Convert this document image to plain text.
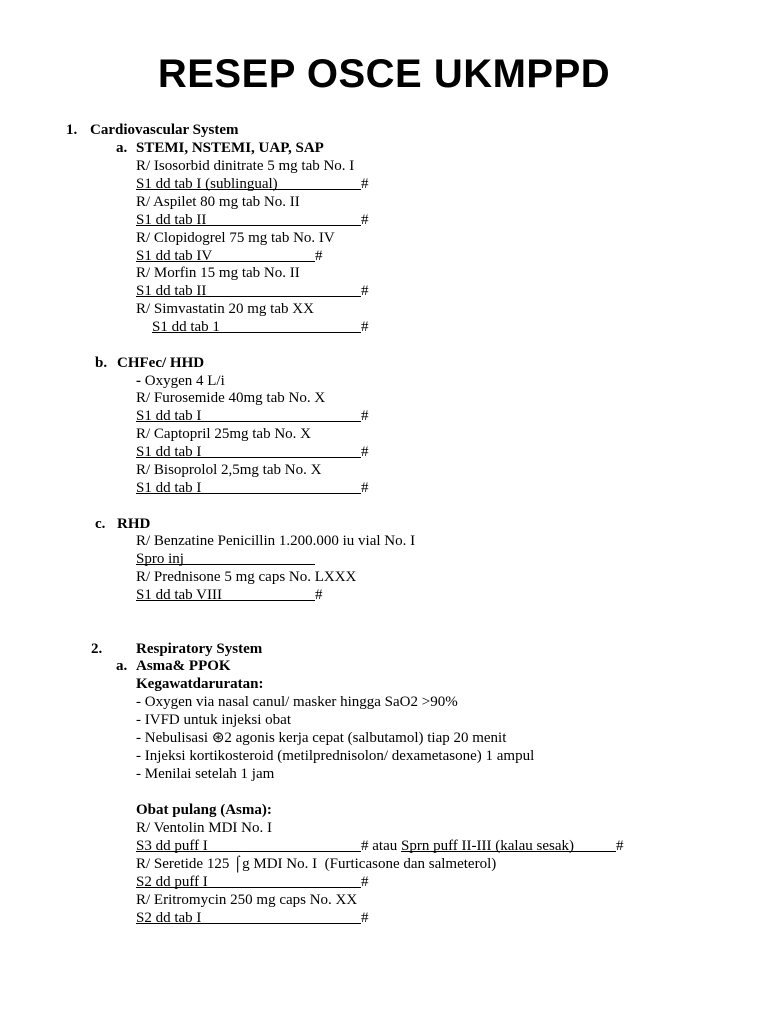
RESEP OSCE UKMPPD
1. Cardiovascular System
a. STEMI, NSTEMI, UAP, SAP
R/ Isosorbid dinitrate 5 mg tab No. I
S1 dd tab I (sublingual)	#
R/ Aspilet 80 mg tab No. II
S1 dd tab II	#
R/ Clopidogrel 75 mg tab No. IV
S1 dd tab IV	#
R/ Morfin 15 mg tab No. II
S1 dd tab II	#
R/ Simvastatin 20 mg tab XX
S1 dd tab 1	#
b. CHFec/ HHD
- Oxygen 4 L/i
R/ Furosemide 40mg tab No. X
S1 dd tab I	#
R/ Captopril 25mg tab No. X
S1 dd tab I	#
R/ Bisoprolol 2,5mg tab No. X
S1 dd tab I	#
c. RHD
R/ Benzatine Penicillin 1.200.000 iu vial No. I
Spro inj
R/ Prednisone 5 mg caps No. LXXX
S1 dd tab VIII	#
2. Respiratory System
a. Asma& PPOK
Kegawatdaruratan:
- Oxygen via nasal canul/ masker hingga SaO2 >90%
- IVFD untuk injeksi obat
- Nebulisasi ⊛2 agonis kerja cepat (salbutamol) tiap 20 menit
- Injeksi kortikosteroid (metilprednisolon/ dexametasone) 1 ampul
- Menilai setelah 1 jam
Obat pulang (Asma):
R/ Ventolin MDI No. I
S3 dd puff I	# atau Sprn puff II-III (kalau sesak)	#
R/ Seretide 125 ⌠g MDI No. I  (Furticasone dan salmeterol)
S2 dd puff I	#
R/ Eritromycin 250 mg caps No. XX
S2 dd tab I	#
